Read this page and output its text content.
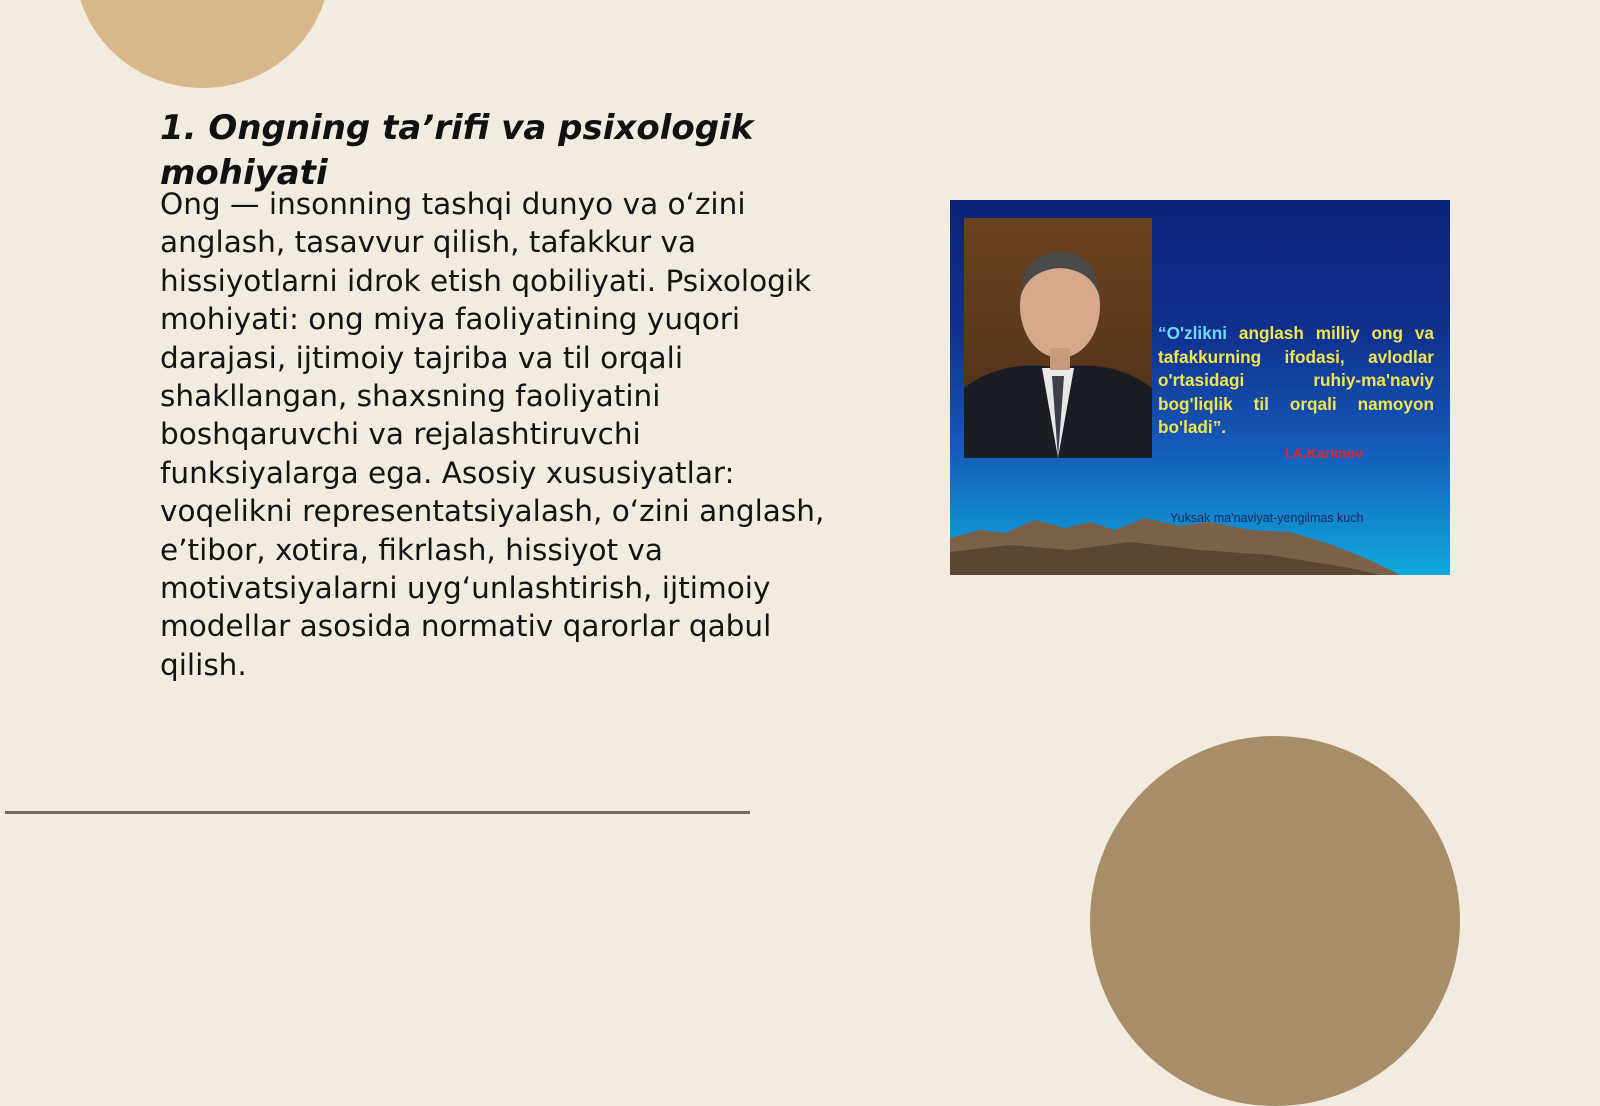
1. Ongning ta’rifi va psixologik mohiyati

Ong — insonning tashqi dunyo va o‘zini anglash, tasavvur qilish, tafakkur va hissiyotlarni idrok etish qobiliyati. Psixologik mohiyati: ong miya faoliyatining yuqori darajasi, ijtimoiy tajriba va til orqali shakllangan, shaxsning faoliyatini boshqaruvchi va rejalashtiruvchi funksiyalarga ega. Asosiy xususiyatlar: voqelikni representatsiyalash, o‘zini anglash, e’tibor, xotira, fikrlash, hissiyot va motivatsiyalarni uyg‘unlashtirish, ijtimoiy modellar asosida normativ qarorlar qabul qilish.

“O'zlikni anglash milliy ong va tafakkurning ifodasi, avlodlar o'rtasidagi ruhiy-ma'naviy bog'liqlik til orqali namoyon bo'ladi”.

I.A.Karimov
Yuksak ma'naviyat-yengilmas kuch
